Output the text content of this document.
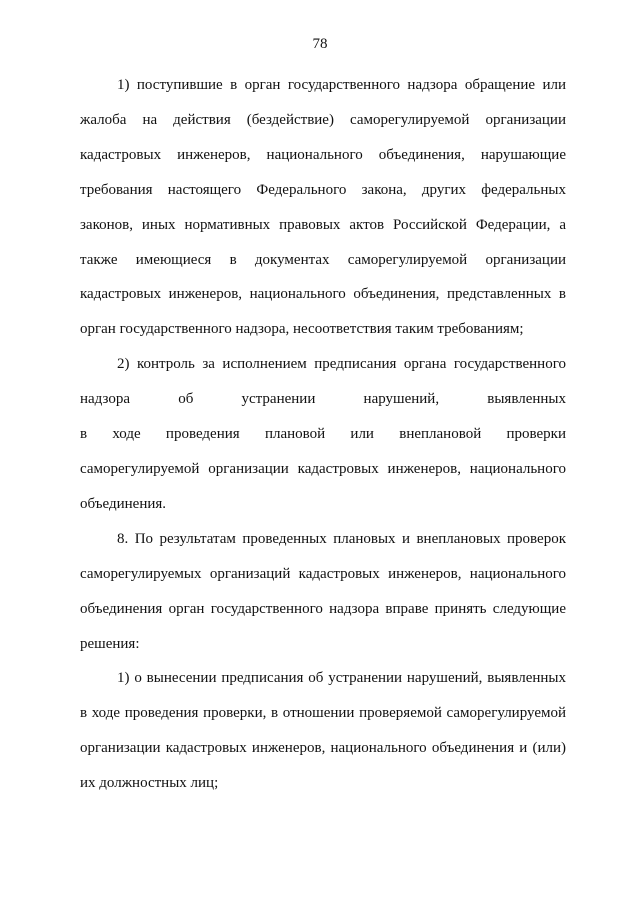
78
1) поступившие в орган государственного надзора обращение или
жалоба на действия (бездействие) саморегулируемой организации
кадастровых инженеров, национального объединения, нарушающие
требования настоящего Федерального закона, других федеральных
законов, иных нормативных правовых актов Российской Федерации, а
также имеющиеся в документах саморегулируемой организации
кадастровых инженеров, национального объединения, представленных в
орган государственного надзора, несоответствия таким требованиям;
2) контроль за исполнением предписания органа государственного
надзора об устранении нарушений, выявленных
в ходе проведения плановой или внеплановой проверки
саморегулируемой организации кадастровых инженеров, национального
объединения.
8. По результатам проведенных плановых и внеплановых проверок
саморегулируемых организаций кадастровых инженеров, национального
объединения орган государственного надзора вправе принять следующие
решения:
1) о вынесении предписания об устранении нарушений, выявленных
в ходе проведения проверки, в отношении проверяемой саморегулируемой
организации кадастровых инженеров, национального объединения и (или)
их должностных лиц;
